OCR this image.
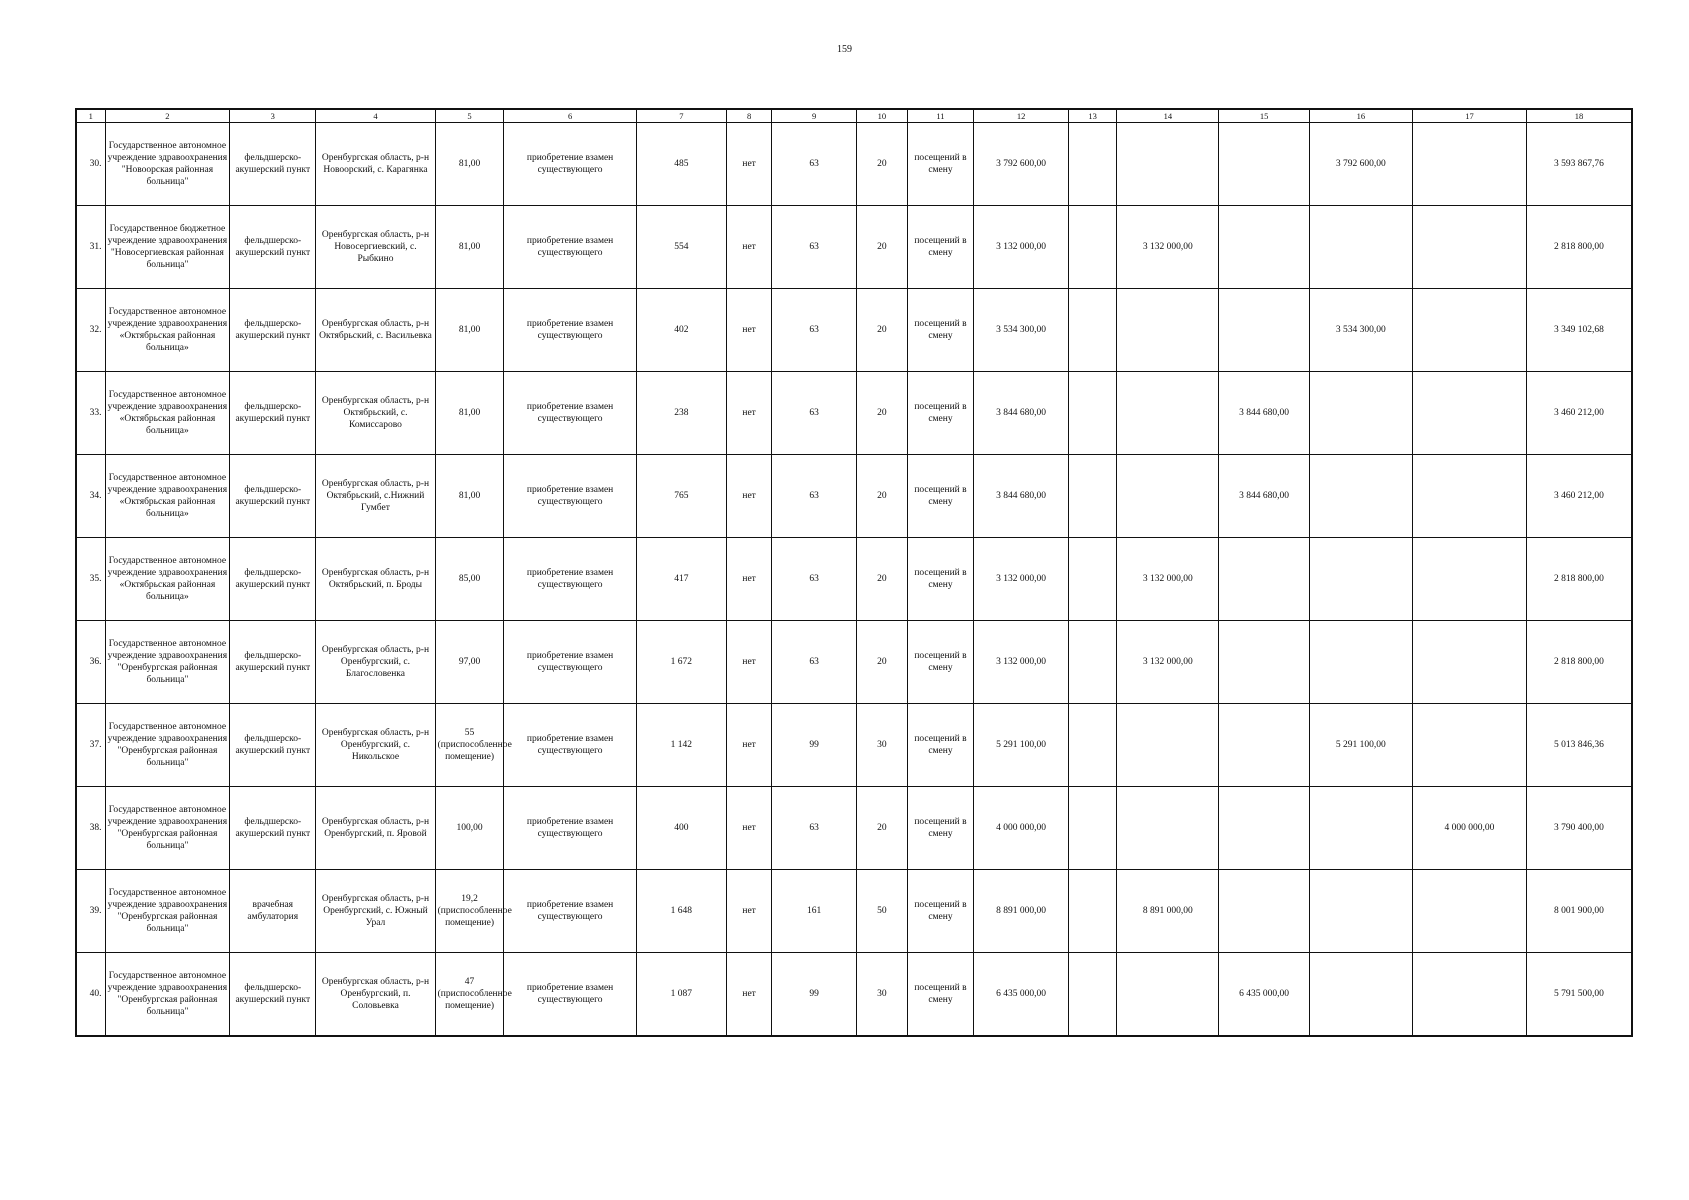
159
1	2	3	4	5	6	7	8	9	10	11	12	13	14	15	16	17	18
30.	Государственное автономное учреждение здравоохранения "Новоорская районная больница"	фельдшерско-акушерский пункт	Оренбургская область, р-н Новоорский, с. Карагянка	81,00	приобретение взамен существующего	485	нет	63	20	посещений в смену	3 792 600,00				3 792 600,00		3 593 867,76
31.	Государственное бюджетное учреждение здравоохранения "Новосергиевская районная больница"	фельдшерско-акушерский пункт	Оренбургская область, р-н Новосергиевский, с. Рыбкино	81,00	приобретение взамен существующего	554	нет	63	20	посещений в смену	3 132 000,00		3 132 000,00				2 818 800,00
32.	Государственное автономное учреждение здравоохранения «Октябрьская районная больница»	фельдшерско-акушерский пункт	Оренбургская область, р-н Октябрьский, с. Васильевка	81,00	приобретение взамен существующего	402	нет	63	20	посещений в смену	3 534 300,00				3 534 300,00		3 349 102,68
33.	Государственное автономное учреждение здравоохранения «Октябрьская районная больница»	фельдшерско-акушерский пункт	Оренбургская область, р-н Октябрьский, с. Комиссарово	81,00	приобретение взамен существующего	238	нет	63	20	посещений в смену	3 844 680,00			3 844 680,00			3 460 212,00
34.	Государственное автономное учреждение здравоохранения «Октябрьская районная больница»	фельдшерско-акушерский пункт	Оренбургская область, р-н Октябрьский, с.Нижний Гумбет	81,00	приобретение взамен существующего	765	нет	63	20	посещений в смену	3 844 680,00			3 844 680,00			3 460 212,00
35.	Государственное автономное учреждение здравоохранения «Октябрьская районная больница»	фельдшерско-акушерский пункт	Оренбургская область, р-н Октябрьский, п. Броды	85,00	приобретение взамен существующего	417	нет	63	20	посещений в смену	3 132 000,00		3 132 000,00				2 818 800,00
36.	Государственное автономное учреждение здравоохранения "Оренбургская районная больница"	фельдшерско-акушерский пункт	Оренбургская область, р-н Оренбургский, с. Благословенка	97,00	приобретение взамен существующего	1 672	нет	63	20	посещений в смену	3 132 000,00		3 132 000,00				2 818 800,00
37.	Государственное автономное учреждение здравоохранения "Оренбургская районная больница"	фельдшерско-акушерский пункт	Оренбургская область, р-н Оренбургский, с. Никольское	55 (приспособленное помещение)	приобретение взамен существующего	1 142	нет	99	30	посещений в смену	5 291 100,00				5 291 100,00		5 013 846,36
38.	Государственное автономное учреждение здравоохранения "Оренбургская районная больница"	фельдшерско-акушерский пункт	Оренбургская область, р-н Оренбургский, п. Яровой	100,00	приобретение взамен существующего	400	нет	63	20	посещений в смену	4 000 000,00					4 000 000,00	3 790 400,00
39.	Государственное автономное учреждение здравоохранения "Оренбургская районная больница"	врачебная амбулатория	Оренбургская область, р-н Оренбургский, с. Южный Урал	19,2 (приспособленное помещение)	приобретение взамен существующего	1 648	нет	161	50	посещений в смену	8 891 000,00		8 891 000,00				8 001 900,00
40.	Государственное автономное учреждение здравоохранения "Оренбургская районная больница"	фельдшерско-акушерский пункт	Оренбургская область, р-н Оренбургский, п. Соловьевка	47 (приспособленное помещение)	приобретение взамен существующего	1 087	нет	99	30	посещений в смену	6 435 000,00			6 435 000,00			5 791 500,00
